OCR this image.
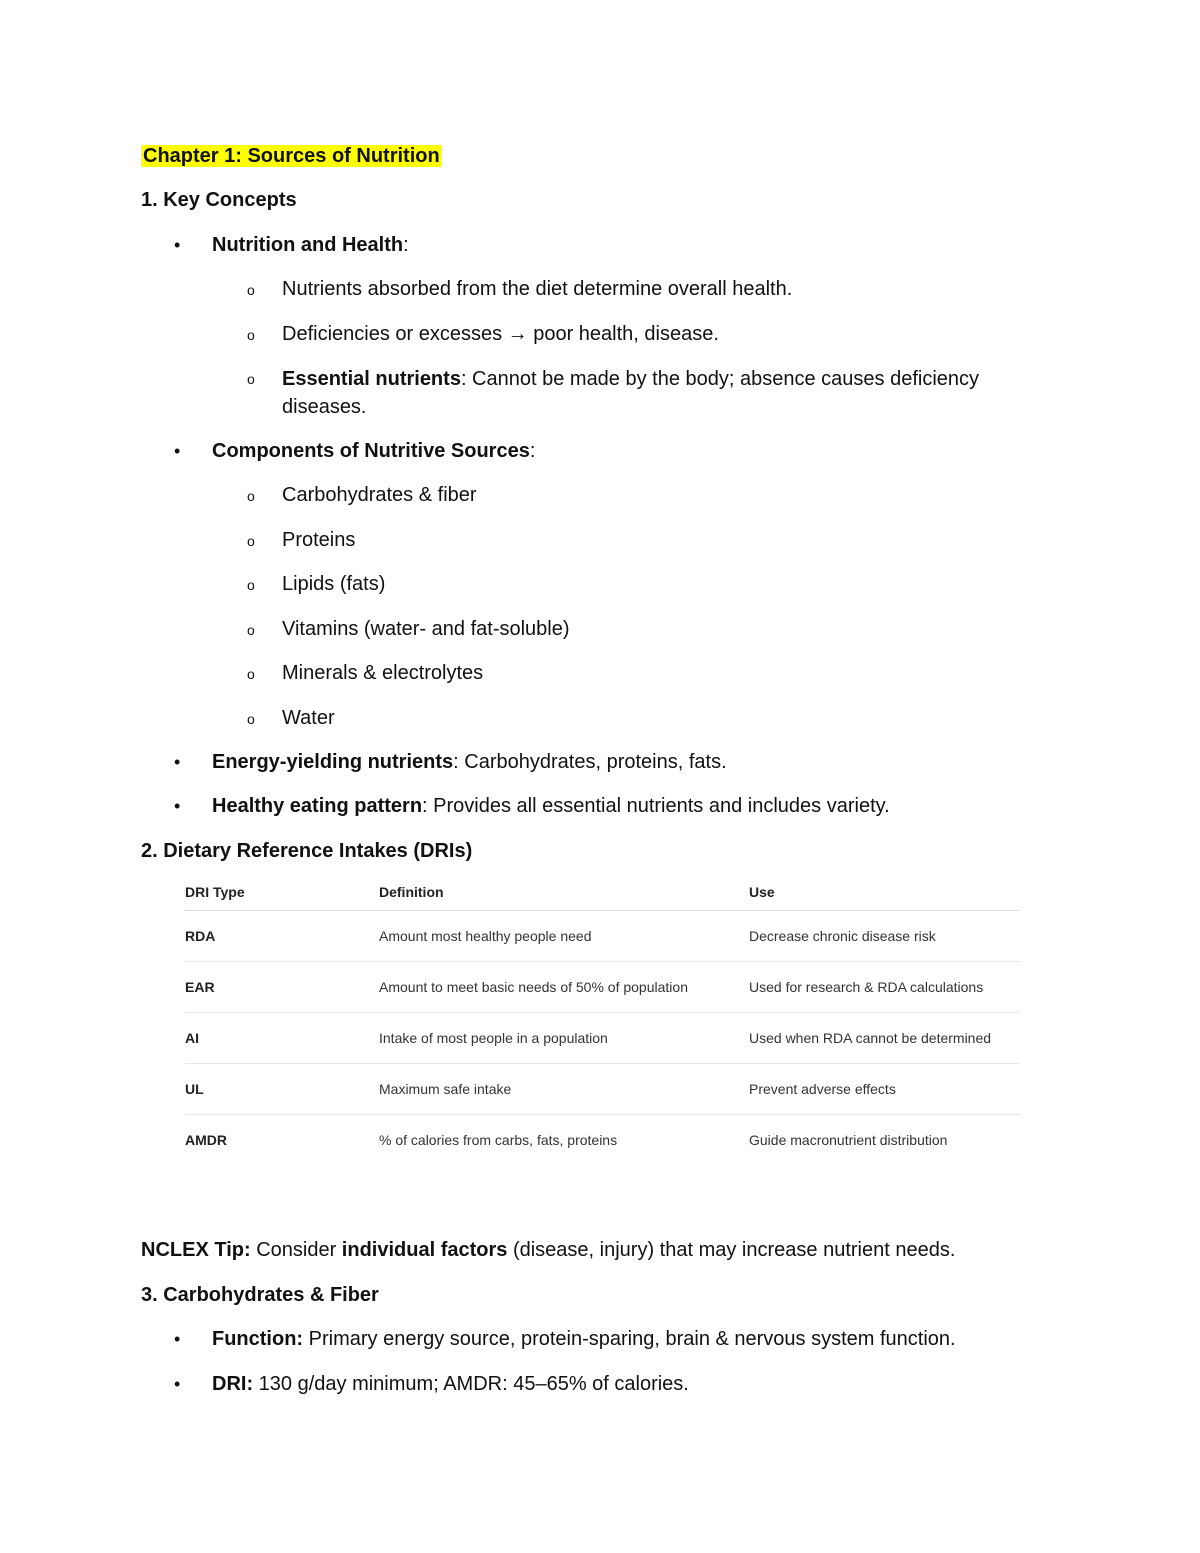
Chapter 1: Sources of Nutrition
1. Key Concepts
• Nutrition and Health:
o Nutrients absorbed from the diet determine overall health.
o Deficiencies or excesses → poor health, disease.
o Essential nutrients: Cannot be made by the body; absence causes deficiency diseases.
• Components of Nutritive Sources:
o Carbohydrates & fiber
o Proteins
o Lipids (fats)
o Vitamins (water- and fat-soluble)
o Minerals & electrolytes
o Water
• Energy-yielding nutrients: Carbohydrates, proteins, fats.
• Healthy eating pattern: Provides all essential nutrients and includes variety.
2. Dietary Reference Intakes (DRIs)
DRI Type	Definition	Use
RDA	Amount most healthy people need	Decrease chronic disease risk
EAR	Amount to meet basic needs of 50% of population	Used for research & RDA calculations
AI	Intake of most people in a population	Used when RDA cannot be determined
UL	Maximum safe intake	Prevent adverse effects
AMDR	% of calories from carbs, fats, proteins	Guide macronutrient distribution
NCLEX Tip: Consider individual factors (disease, injury) that may increase nutrient needs.
3. Carbohydrates & Fiber
• Function: Primary energy source, protein-sparing, brain & nervous system function.
• DRI: 130 g/day minimum; AMDR: 45–65% of calories.
